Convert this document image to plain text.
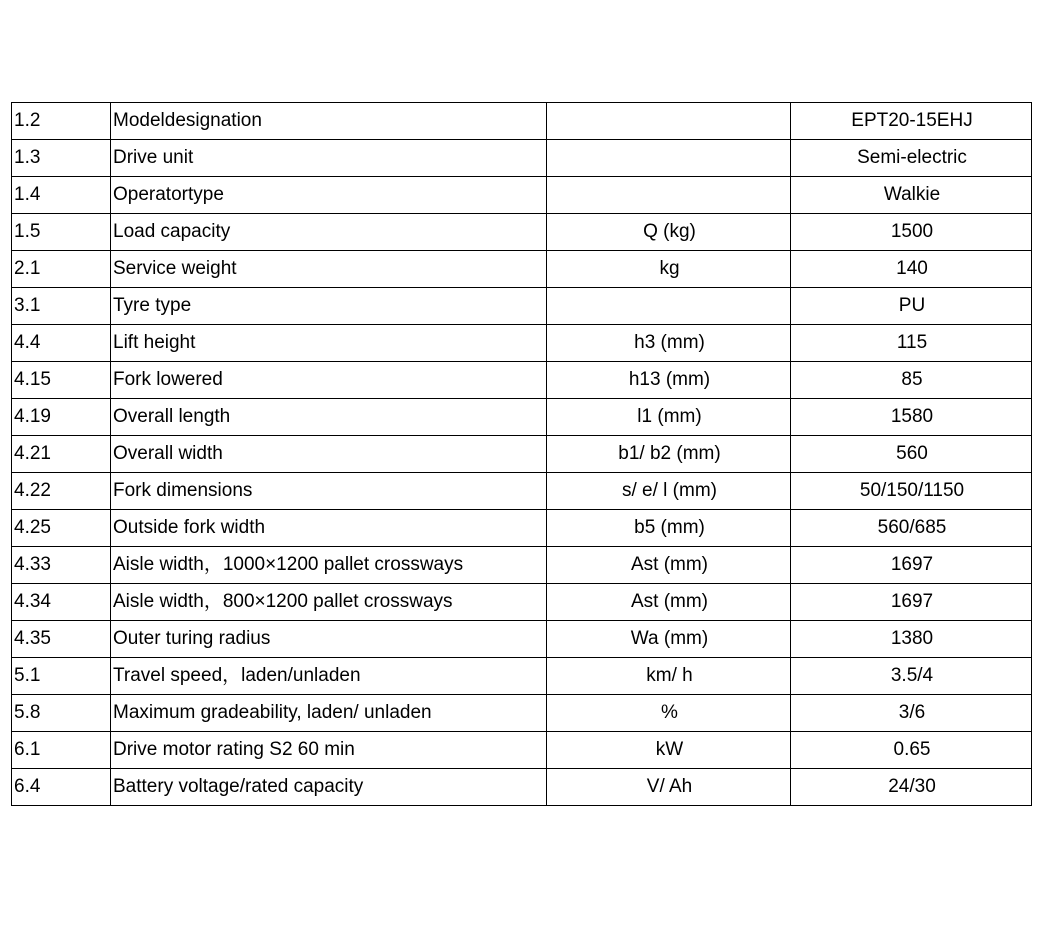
1.2	Modeldesignation		EPT20-15EHJ
1.3	Drive unit		Semi-electric
1.4	Operatortype		Walkie
1.5	Load capacity	Q (kg)	1500
2.1	Service weight	kg	140
3.1	Tyre type		PU
4.4	Lift height	h3 (mm)	115
4.15	Fork lowered	h13 (mm)	85
4.19	Overall length	l1 (mm)	1580
4.21	Overall width	b1/ b2 (mm)	560
4.22	Fork dimensions	s/ e/ l (mm)	50/150/1150
4.25	Outside fork width	b5 (mm)	560/685
4.33	Aisle width，1000×1200 pallet crossways	Ast (mm)	1697
4.34	Aisle width，800×1200 pallet crossways	Ast (mm)	1697
4.35	Outer turing radius	Wa (mm)	1380
5.1	Travel speed，laden/unladen	km/ h	3.5/4
5.8	Maximum gradeability, laden/ unladen	%	3/6
6.1	Drive motor rating S2 60 min	kW	0.65
6.4	Battery voltage/rated capacity	V/ Ah	24/30
